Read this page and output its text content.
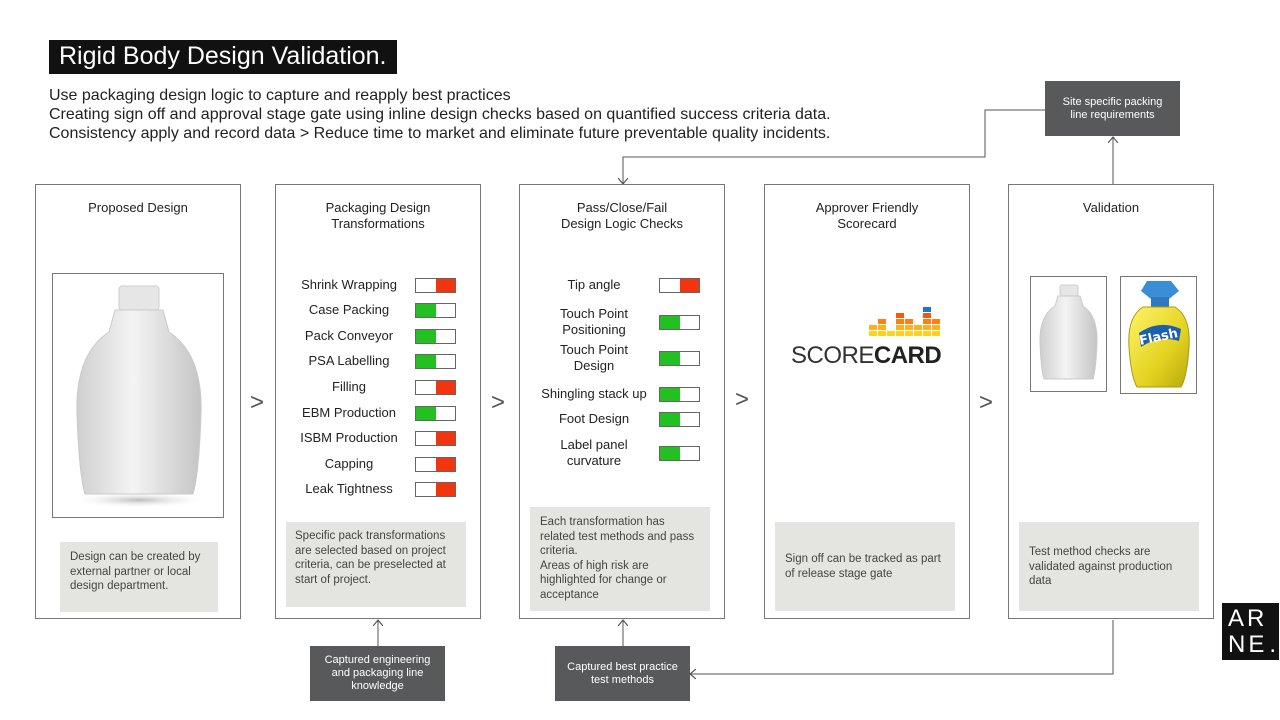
Rigid Body Design Validation.
Use packaging design logic to capture and reapply best practices
Creating sign off and approval stage gate using inline design checks based on quantified success criteria data.
Consistency apply and record data > Reduce time to market and eliminate future preventable quality incidents.
Proposed Design
Design can be created by external partner or local design department.
>
Packaging Design
Transformations
Shrink Wrapping
Case Packing
Pack Conveyor
PSA Labelling
Filling
EBM Production
ISBM Production
Capping
Leak Tightness
Specific pack transformations are selected based on project criteria, can be preselected at start of project.
>
Pass/Close/Fail
Design Logic Checks
Tip angle
Touch Point
Positioning
Touch Point
Design
Shingling stack up
Foot Design
Label panel
curvature
Each transformation has related test methods and pass criteria.
Areas of high risk are highlighted for change or acceptance
>
Approver Friendly
Scorecard
SCORECARD
Sign off can be tracked as part of release stage gate
>
Validation
Flash
Test method checks are validated against production data
Site specific packing line requirements
Captured engineering and packaging line knowledge
Captured best practice test methods
AR
NE.
